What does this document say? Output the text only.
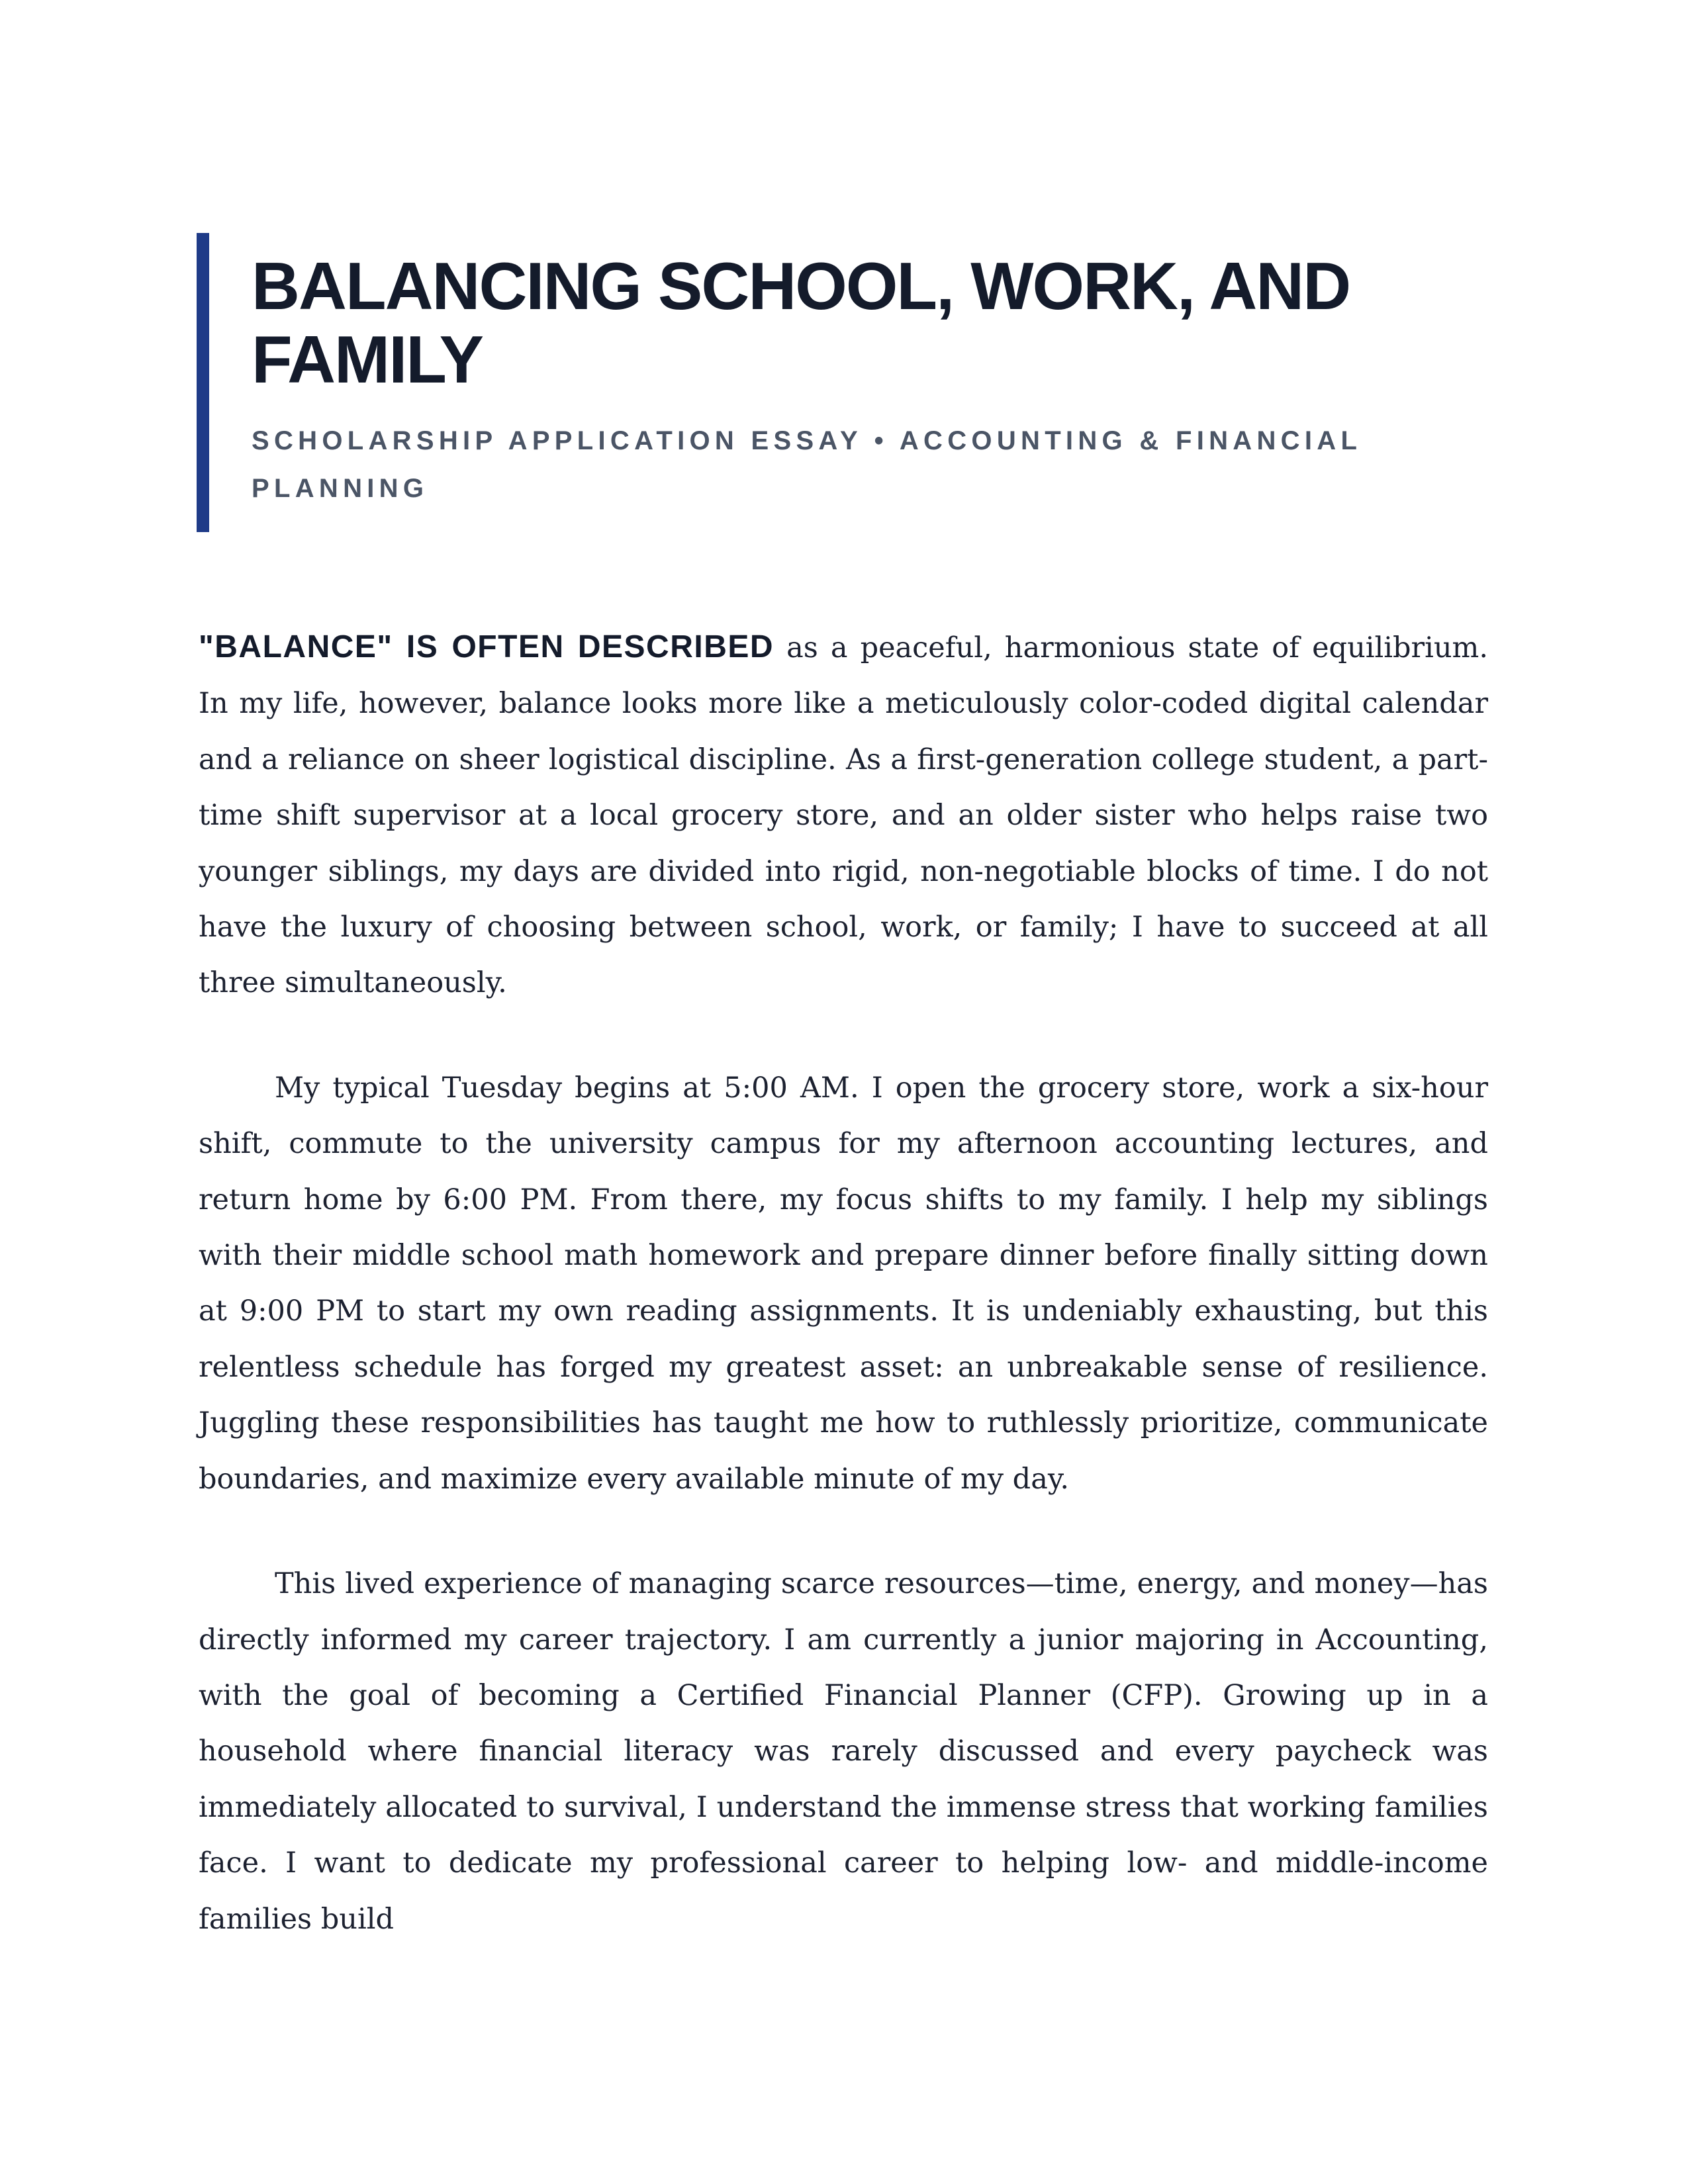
BALANCING SCHOOL, WORK, AND FAMILY
SCHOLARSHIP APPLICATION ESSAY • ACCOUNTING & FINANCIAL PLANNING

"BALANCE" IS OFTEN DESCRIBED as a peaceful, harmonious state of equilibrium. In my life, however, balance looks more like a meticulously color-coded digital calendar and a reliance on sheer logistical discipline. As a first-generation college student, a part-time shift supervisor at a local grocery store, and an older sister who helps raise two younger siblings, my days are divided into rigid, non-negotiable blocks of time. I do not have the luxury of choosing between school, work, or family; I have to succeed at all three simultaneously.

My typical Tuesday begins at 5:00 AM. I open the grocery store, work a six-hour shift, commute to the university campus for my afternoon accounting lectures, and return home by 6:00 PM. From there, my focus shifts to my family. I help my siblings with their middle school math homework and prepare dinner before finally sitting down at 9:00 PM to start my own reading assignments. It is undeniably exhausting, but this relentless schedule has forged my greatest asset: an unbreakable sense of resilience. Juggling these responsibilities has taught me how to ruthlessly prioritize, communicate boundaries, and maximize every available minute of my day.

This lived experience of managing scarce resources—time, energy, and money—has directly informed my career trajectory. I am currently a junior majoring in Accounting, with the goal of becoming a Certified Financial Planner (CFP). Growing up in a household where financial literacy was rarely discussed and every paycheck was immediately allocated to survival, I understand the immense stress that working families face. I want to dedicate my professional career to helping low- and middle-income families build
